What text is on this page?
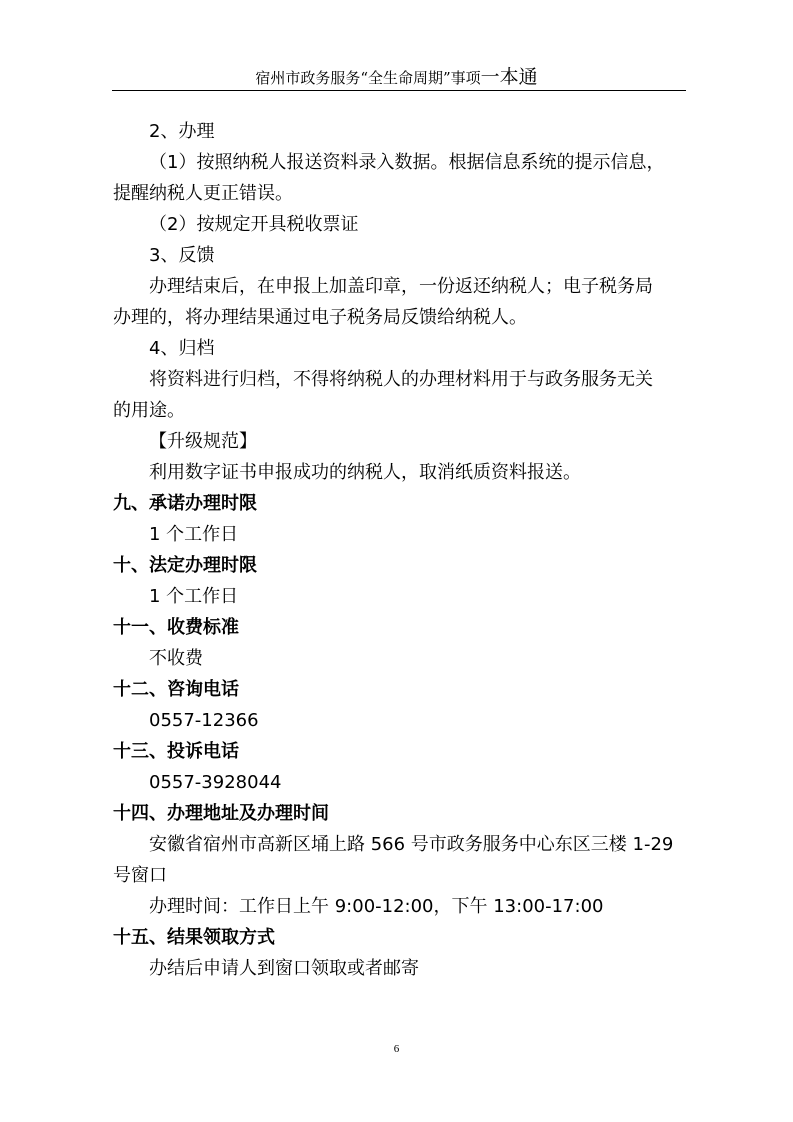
宿州市政务服务“全生命周期”事项一本通
2、办理
（1）按照纳税人报送资料录入数据。根据信息系统的提示信息，
提醒纳税人更正错误。
（2）按规定开具税收票证
3、反馈
办理结束后，在申报上加盖印章，一份返还纳税人；电子税务局
办理的，将办理结果通过电子税务局反馈给纳税人。
4、归档
将资料进行归档，不得将纳税人的办理材料用于与政务服务无关
的用途。
【升级规范】
利用数字证书申报成功的纳税人，取消纸质资料报送。
九、承诺办理时限
1 个工作日
十、法定办理时限
1 个工作日
十一、收费标准
不收费
十二、咨询电话
0557-12366
十三、投诉电话
0557-3928044
十四、办理地址及办理时间
安徽省宿州市高新区埇上路 566 号市政务服务中心东区三楼 1-29
号窗口
办理时间：工作日上午 9:00-12:00，下午 13:00-17:00
十五、结果领取方式
办结后申请人到窗口领取或者邮寄
6
